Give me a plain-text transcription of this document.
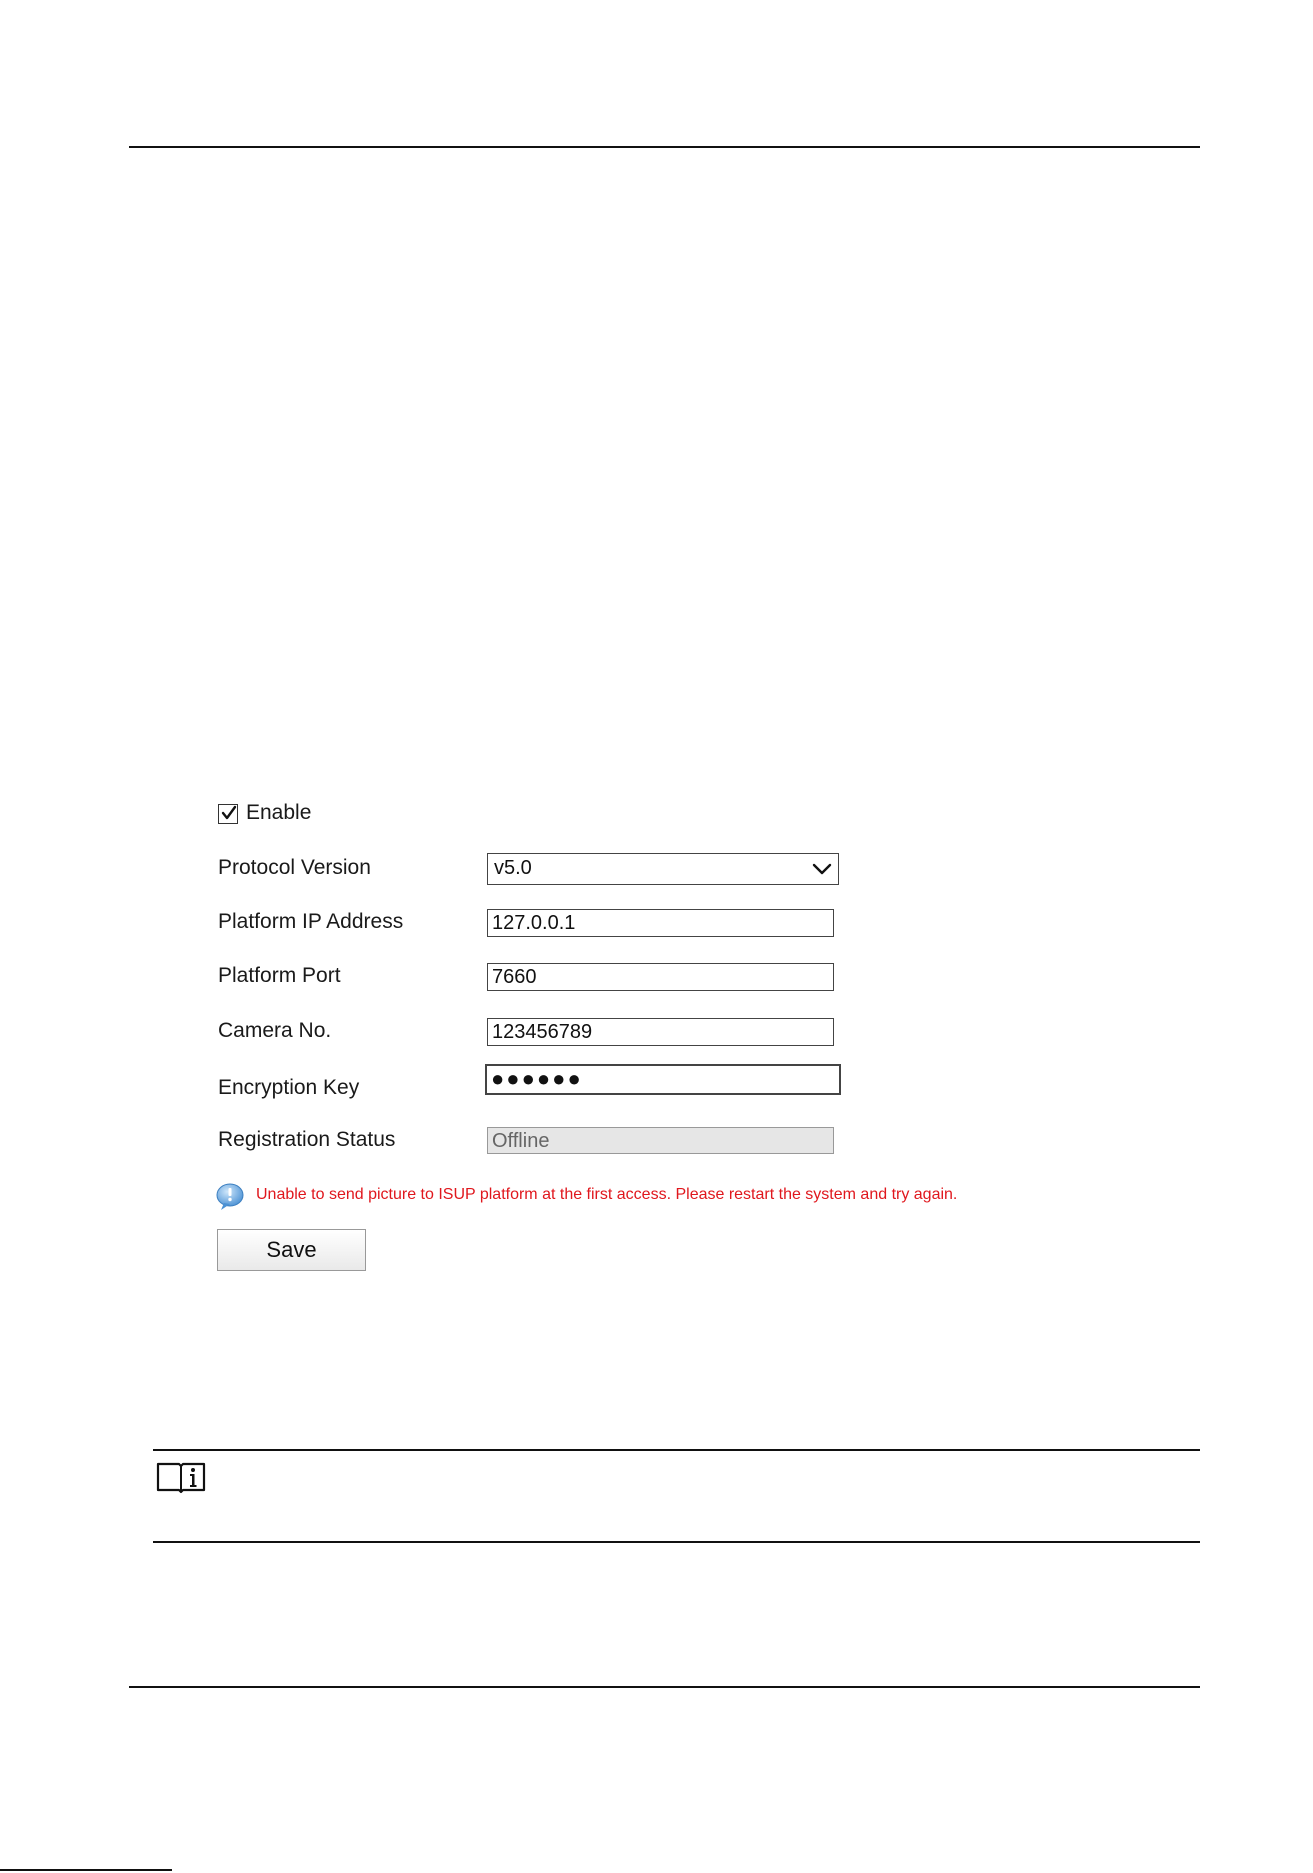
Enable
Protocol Version	v5.0
Platform IP Address	127.0.0.1
Platform Port	7660
Camera No.	123456789
Encryption Key	●●●●●●
Registration Status	Offline
Unable to send picture to ISUP platform at the first access. Please restart the system and try again.
Save
